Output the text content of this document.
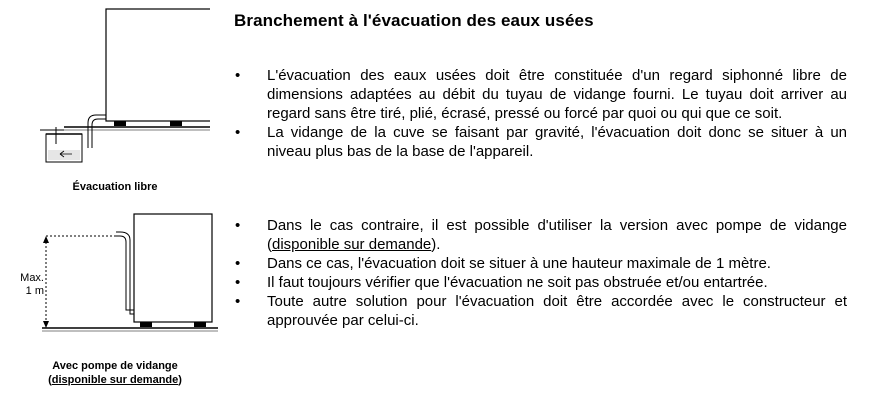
Évacuation libre
Max.
1 m
Avec pompe de vidange
(disponible sur demande)
Branchement à l'évacuation des eaux usées
• L'évacuation des eaux usées doit être constituée d'un regard siphonné libre de dimensions adaptées au débit du tuyau de vidange fourni. Le tuyau doit arriver au regard sans être tiré, plié, écrasé, pressé ou forcé par quoi ou qui que ce soit.
• La vidange de la cuve se faisant par gravité, l'évacuation doit donc se situer à un niveau plus bas de la base de l'appareil.
• Dans le cas contraire, il est possible d'utiliser la version avec pompe de vidange (disponible sur demande).
• Dans ce cas, l'évacuation doit se situer à une hauteur maximale de 1 mètre.
• Il faut toujours vérifier que l'évacuation ne soit pas obstruée et/ou entartrée.
• Toute autre solution pour l'évacuation doit être accordée avec le constructeur et approuvée par celui-ci.
